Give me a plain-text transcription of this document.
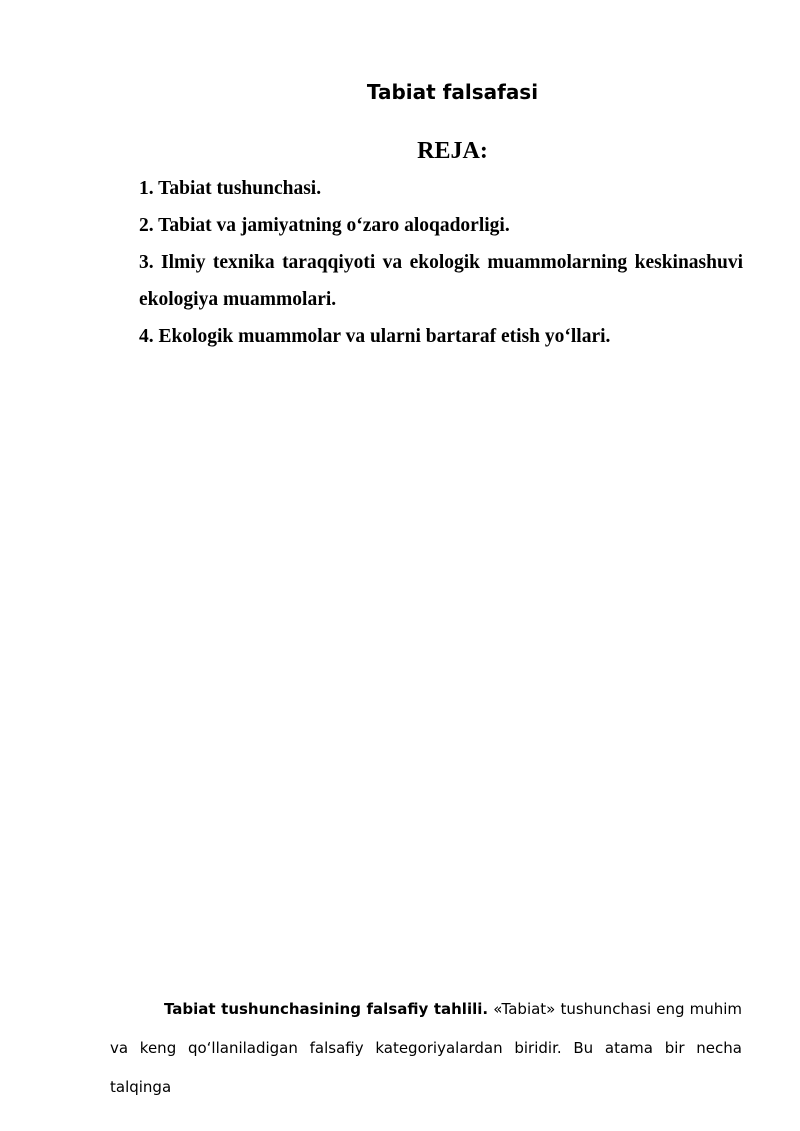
Tabiat falsafasi
REJA:
1. Tabiat tushunchasi.
2. Tabiat va jamiyatning o‘zaro aloqadorligi.
3. Ilmiy texnika taraqqiyoti va ekologik muammolarning keskinashuvi ekologiya muammolari.
4. Ekologik muammolar va ularni bartaraf etish yo‘llari.

Tabiat tushunchasining falsafiy tahlili. «Tabiat» tushunchasi eng muhim va keng qo‘llaniladigan falsafiy kategoriyalardan biridir. Bu atama bir necha talqinga
